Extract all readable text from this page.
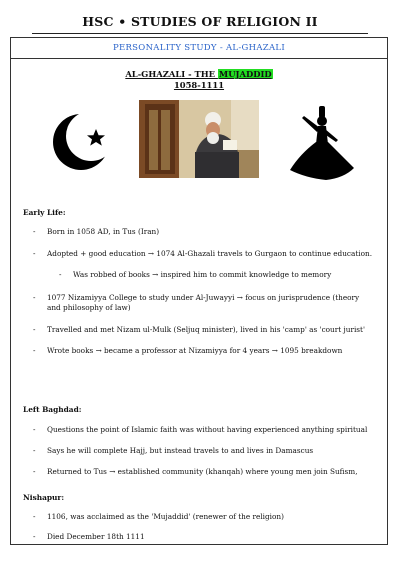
HSC • STUDIES OF RELIGION II
PERSONALITY STUDY - AL-GHAZALI
AL-GHAZALI - THE MUJADDID
1058-1111
Early Life:
- Born in 1058 AD, in Tus (Iran)
- Adopted + good education → 1074 Al-Ghazali travels to Gurgaon to continue education.
- Was robbed of books → inspired him to commit knowledge to memory
- 1077 Nizamiyya College to study under Al-Juwayyi → focus on jurisprudence (theory and philosophy of law)
- Travelled and met Nizam ul-Mulk (Seljuq minister), lived in his 'camp' as 'court jurist'
- Wrote books → became a professor at Nizamiyya for 4 years → 1095 breakdown
Left Baghdad:
- Questions the point of Islamic faith was without having experienced anything spiritual
- Says he will complete Hajj, but instead travels to and lives in Damascus
- Returned to Tus → established community (khanqah) where young men join Sufism,
Nishapur:
- 1106, was acclaimed as the 'Mujaddid' (renewer of the religion)
- Died December 18th 1111
